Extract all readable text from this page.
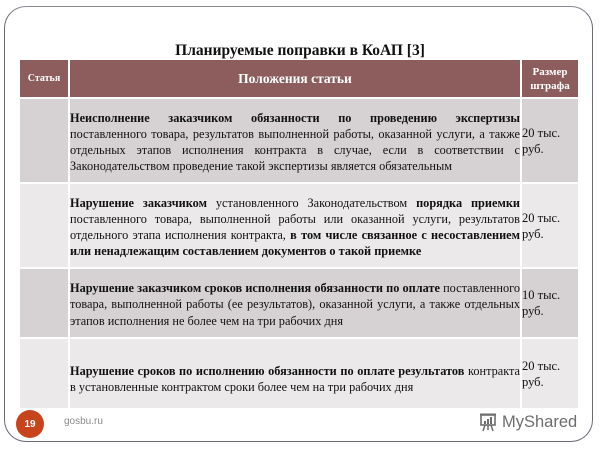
Планируемые поправки в КоАП [3]
Статья	Положения статьи	Размер штрафа

	Неисполнение заказчиком обязанности по проведению экспертизы поставленного товара, результатов выполненной работы, оказанной услуги, а также отдельных этапов исполнения контракта в случае, если в соответствии с Законодательством проведение такой экспертизы является обязательным	20 тыс. руб.

	Нарушение заказчиком установленного Законодательством порядка приемки поставленного товара, выполненной работы или оказанной услуги, результатов отдельного этапа исполнения контракта, в том числе связанное с несоставлением или ненадлежащим составлением документов о такой приемке	20 тыс. руб.

	Нарушение заказчиком сроков исполнения обязанности по оплате поставленного товара, выполненной работы (ее результатов), оказанной услуги, а также отдельных этапов исполнения не более чем на три рабочих дня	10 тыс. руб.

	Нарушение сроков по исполнению обязанности по оплате результатов контракта в установленные контрактом сроки более чем на три рабочих дня	20 тыс. руб.
19	gosbu.ru	MyShared
